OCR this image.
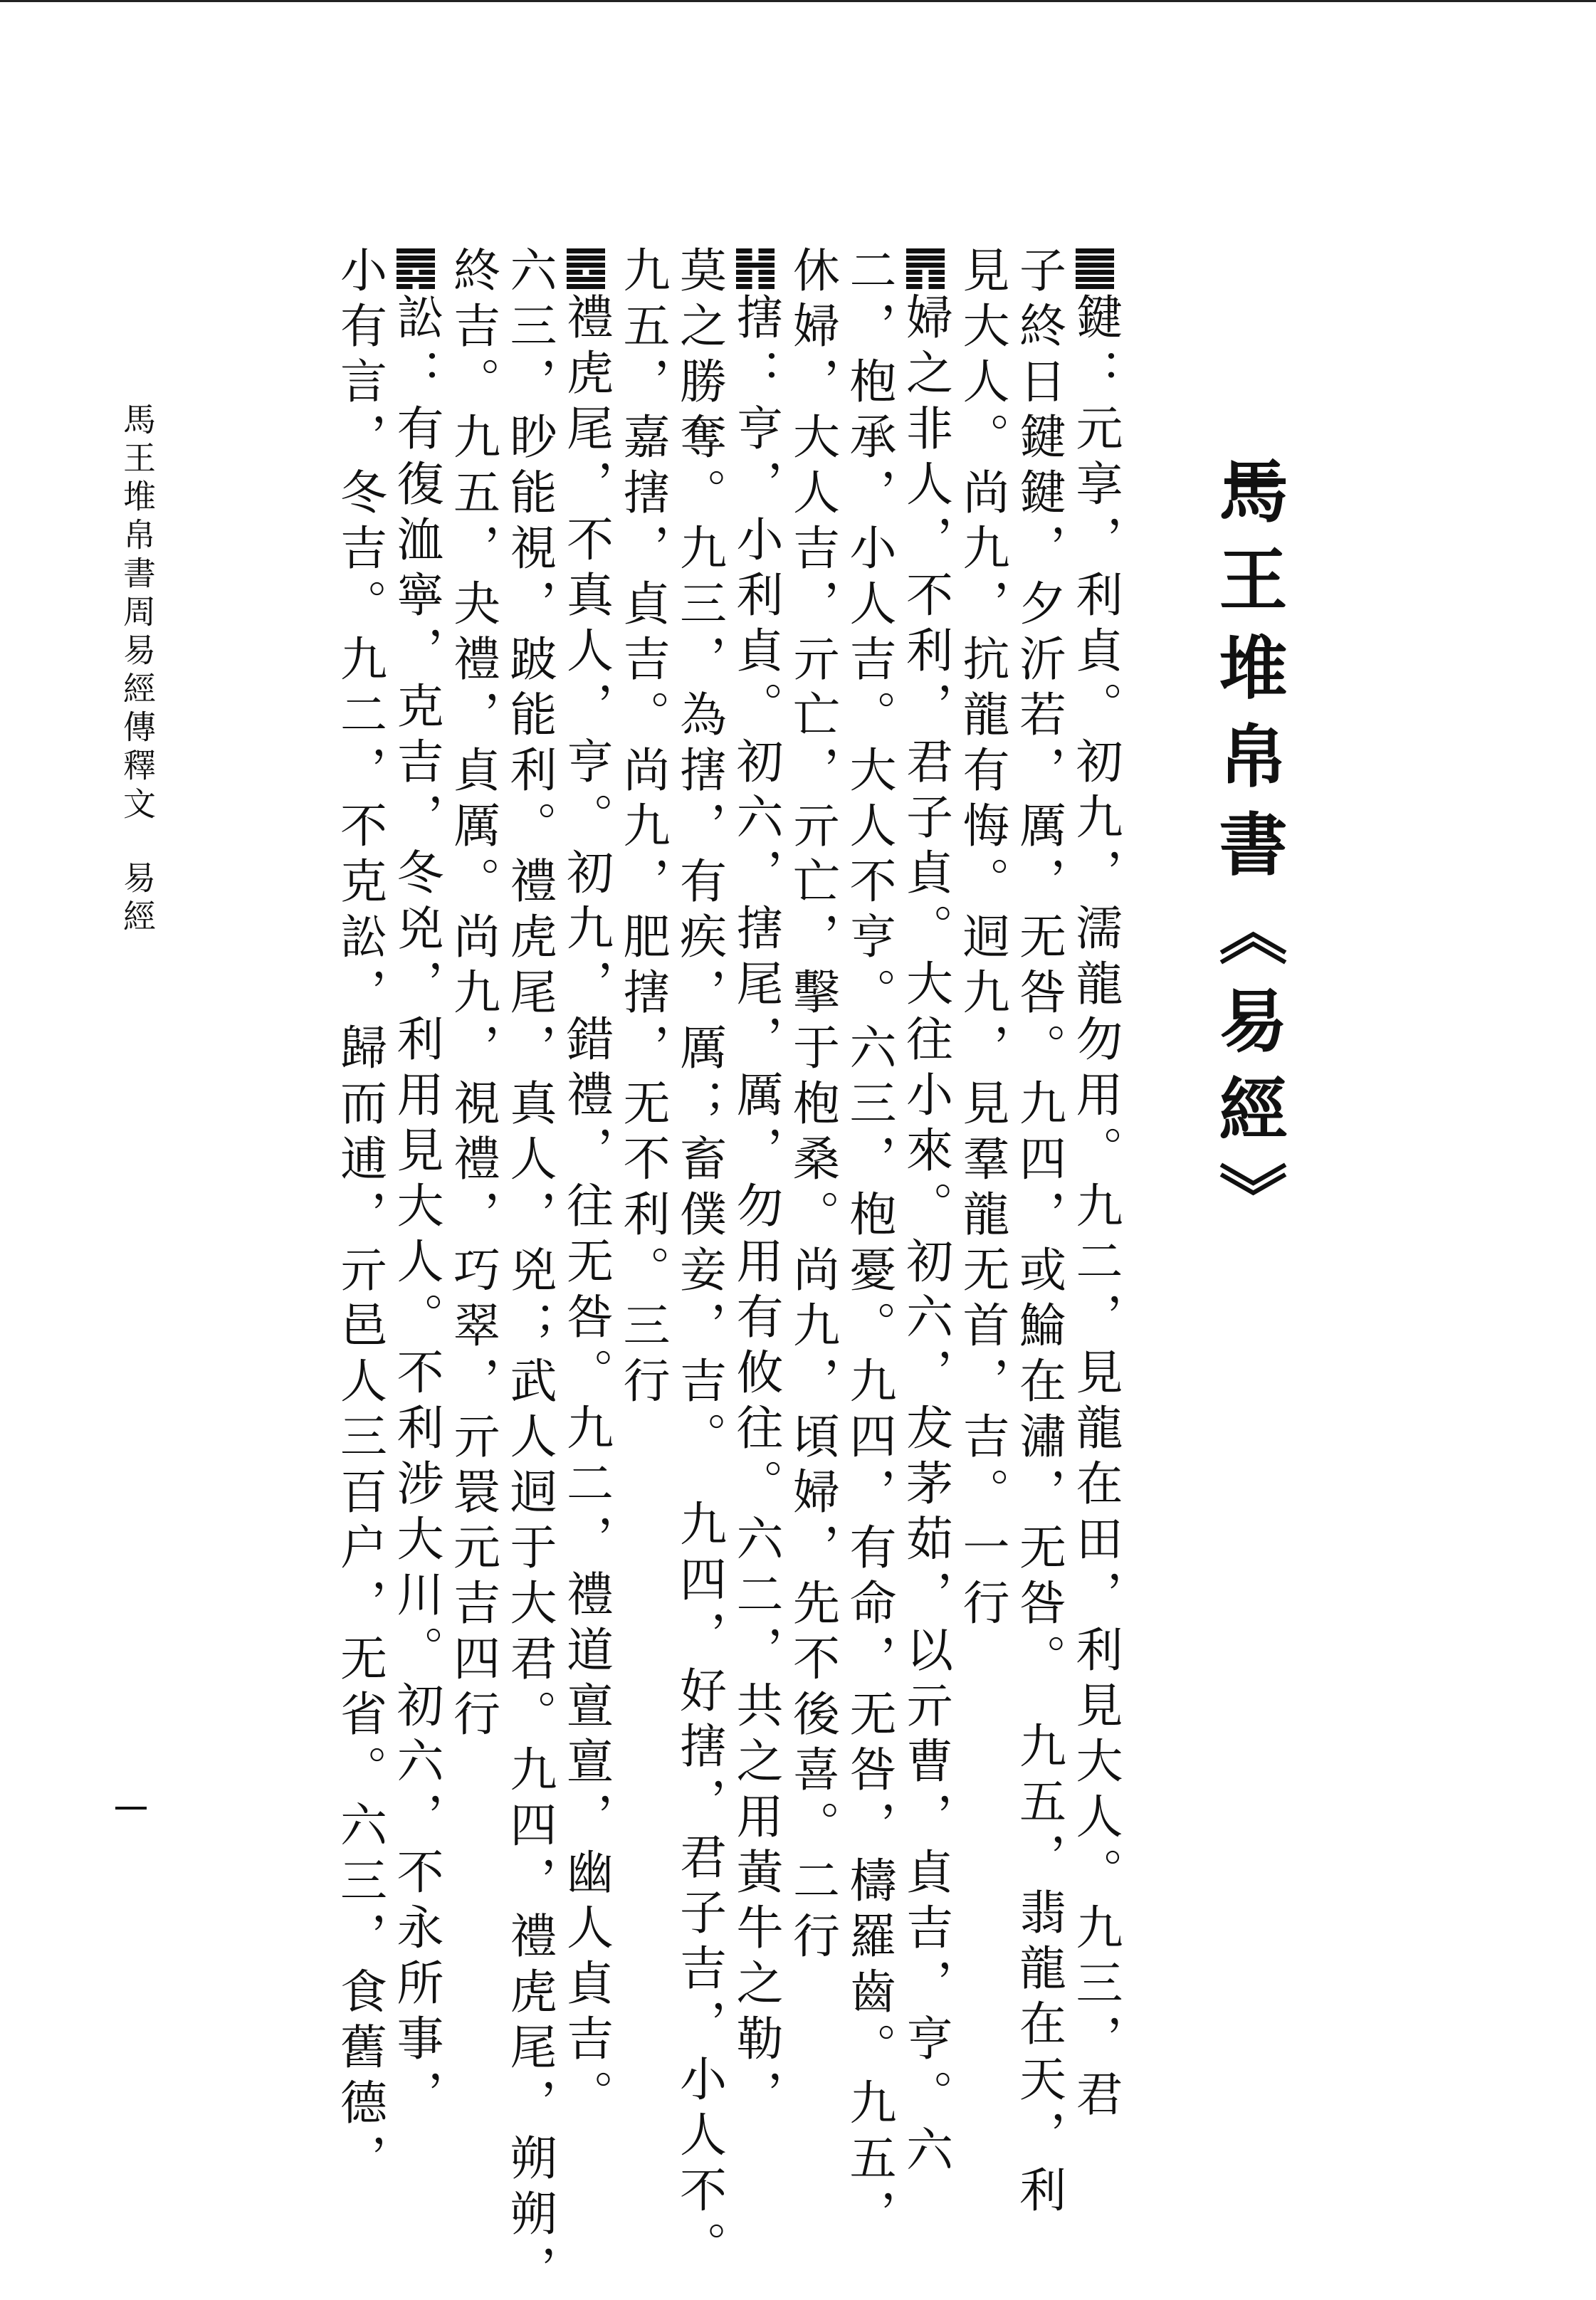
馬王堆帛書《易經》
鍵：元享，利貞。初九，濡龍勿用。九二，見龍在田，利見大人。九三，君
子終日鍵鍵，夕沂若，厲，无咎。九四，或鯩在潚，无咎。　九五，翡龍在天，利
見大人。尚九，抗龍有悔。迵九，見羣龍无首，吉。一行
婦之非人，不利，君子貞。大往小來。初六，犮茅茹，以亓曹，貞吉，亨。六
二，枹承，小人吉。大人不亨。六三，枹憂。九四，有命，无咎，檮羅齒。九五，
休婦，大人吉，亓亡，亓亡，擊于枹桑。尚九，頃婦，先不後喜。二行
搳：亨，小利貞。初六，搳尾，厲，勿用有攸往。六二，共之用黃牛之勒，
莫之勝奪。九三，為搳，有疾，厲；畜僕妾，吉。　九四，好搳，君子吉，小人不。
九五，嘉搳，貞吉。尚九，肥搳，无不利。三行
禮虎尾，不真人，亨。初九，錯禮，往无咎。九二，禮道亶亶，幽人貞吉。
六三，眇能視，跛能利。禮虎尾，真人，兇；武人迵于大君。九四，禮虎尾，朔朔，
終吉。九五，夬禮，貞厲。尚九，視禮，巧翠，亓睘元吉四行
訟：有復洫寧，克吉，冬兇，利用見大人。不利涉大川。初六，不永所事，
小有言，冬吉。九二，不克訟，歸而逋，亓邑人三百户，无省。六三，食舊德，
馬王堆帛書周易經傳釋文易經
